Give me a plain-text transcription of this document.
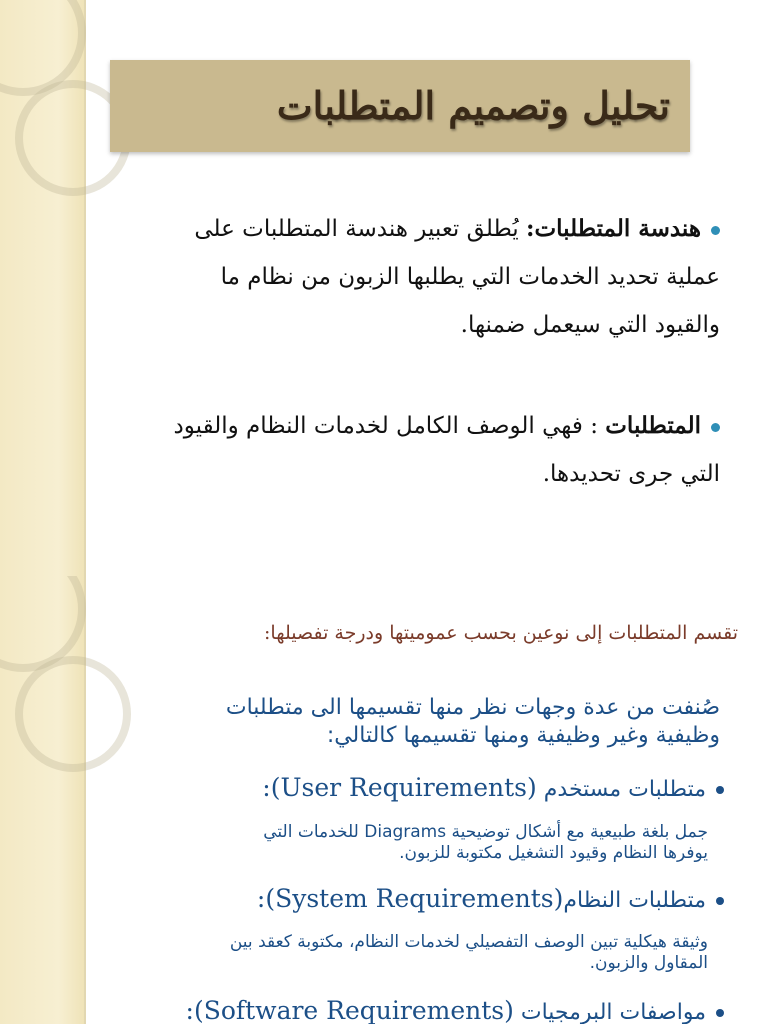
تحليل وتصميم المتطلبات
هندسة المتطلبات: يُطلق تعبير هندسة المتطلبات على
عملية تحديد الخدمات التي يطلبها الزبون من نظام ما
والقيود التي سيعمل ضمنها.
المتطلبات : فهي الوصف الكامل لخدمات النظام والقيود
التي جرى تحديدها.
تقسم المتطلبات إلى نوعين بحسب عموميتها ودرجة تفصيلها:
صُنفت من عدة وجهات نظر منها تقسيمها الى متطلبات
وظيفية وغير وظيفية ومنها تقسيمها كالتالي:
متطلبات مستخدم (User Requirements):
جمل بلغة طبيعية مع أشكال توضيحية Diagrams للخدمات التي
يوفرها النظام وقيود التشغيل مكتوبة للزبون.
متطلبات النظام(System Requirements):
وثيقة هيكلية تبين الوصف التفصيلي لخدمات النظام، مكتوبة كعقد بين
المقاول والزبون.
مواصفات البرمجيات (Software Requirements):
